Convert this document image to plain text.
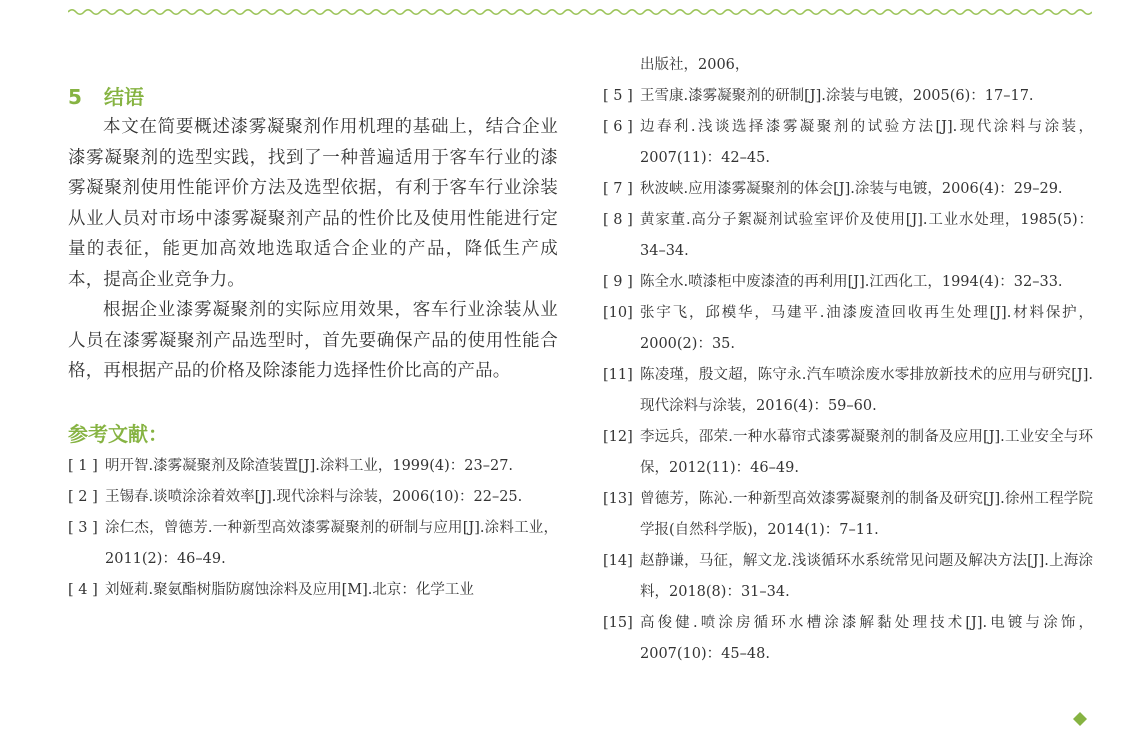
5 结语

本文在简要概述漆雾凝聚剂作用机理的基础上，结合企业漆雾凝聚剂的选型实践，找到了一种普遍适用于客车行业的漆雾凝聚剂使用性能评价方法及选型依据，有利于客车行业涂装从业人员对市场中漆雾凝聚剂产品的性价比及使用性能进行定量的表征，能更加高效地选取适合企业的产品，降低生产成本，提高企业竞争力。

根据企业漆雾凝聚剂的实际应用效果，客车行业涂装从业人员在漆雾凝聚剂产品选型时，首先要确保产品的使用性能合格，再根据产品的价格及除漆能力选择性价比高的产品。

参考文献：
[ 1 ] 明开智.漆雾凝聚剂及除渣装置[J].涂料工业，1999(4)：23–27.
[ 2 ] 王锡春.谈喷涂涂着效率[J].现代涂料与涂装，2006(10)：22–25.
[ 3 ] 涂仁杰，曾德芳.一种新型高效漆雾凝聚剂的研制与应用[J].涂料工业，2011(2)：46–49.
[ 4 ] 刘娅莉.聚氨酯树脂防腐蚀涂料及应用[M].北京：化学工业
出版社，2006，
[ 5 ] 王雪康.漆雾凝聚剂的研制[J].涂装与电镀，2005(6)：17–17.
[ 6 ] 边春利.浅谈选择漆雾凝聚剂的试验方法[J].现代涂料与涂装，2007(11)：42–45.
[ 7 ] 秋波峡.应用漆雾凝聚剂的体会[J].涂装与电镀，2006(4)：29–29.
[ 8 ] 黄家董.高分子絮凝剂试验室评价及使用[J].工业水处理，1985(5)：34–34.
[ 9 ] 陈全水.喷漆柜中废漆渣的再利用[J].江西化工，1994(4)：32–33.
[10] 张宇飞，邱模华，马建平.油漆废渣回收再生处理[J].材料保护，2000(2)：35.
[11] 陈凌瑾，殷文超，陈守永.汽车喷涂废水零排放新技术的应用与研究[J].现代涂料与涂装，2016(4)：59–60.
[12] 李远兵，邵荣.一种水幕帘式漆雾凝聚剂的制备及应用[J].工业安全与环保，2012(11)：46–49.
[13] 曾德芳，陈沁.一种新型高效漆雾凝聚剂的制备及研究[J].徐州工程学院学报(自然科学版)，2014(1)：7–11.
[14] 赵静谦，马征，解文龙.浅谈循环水系统常见问题及解决方法[J].上海涂料，2018(8)：31–34.
[15] 高俊健.喷涂房循环水槽涂漆解黏处理技术[J].电镀与涂饰，2007(10)：45–48.
